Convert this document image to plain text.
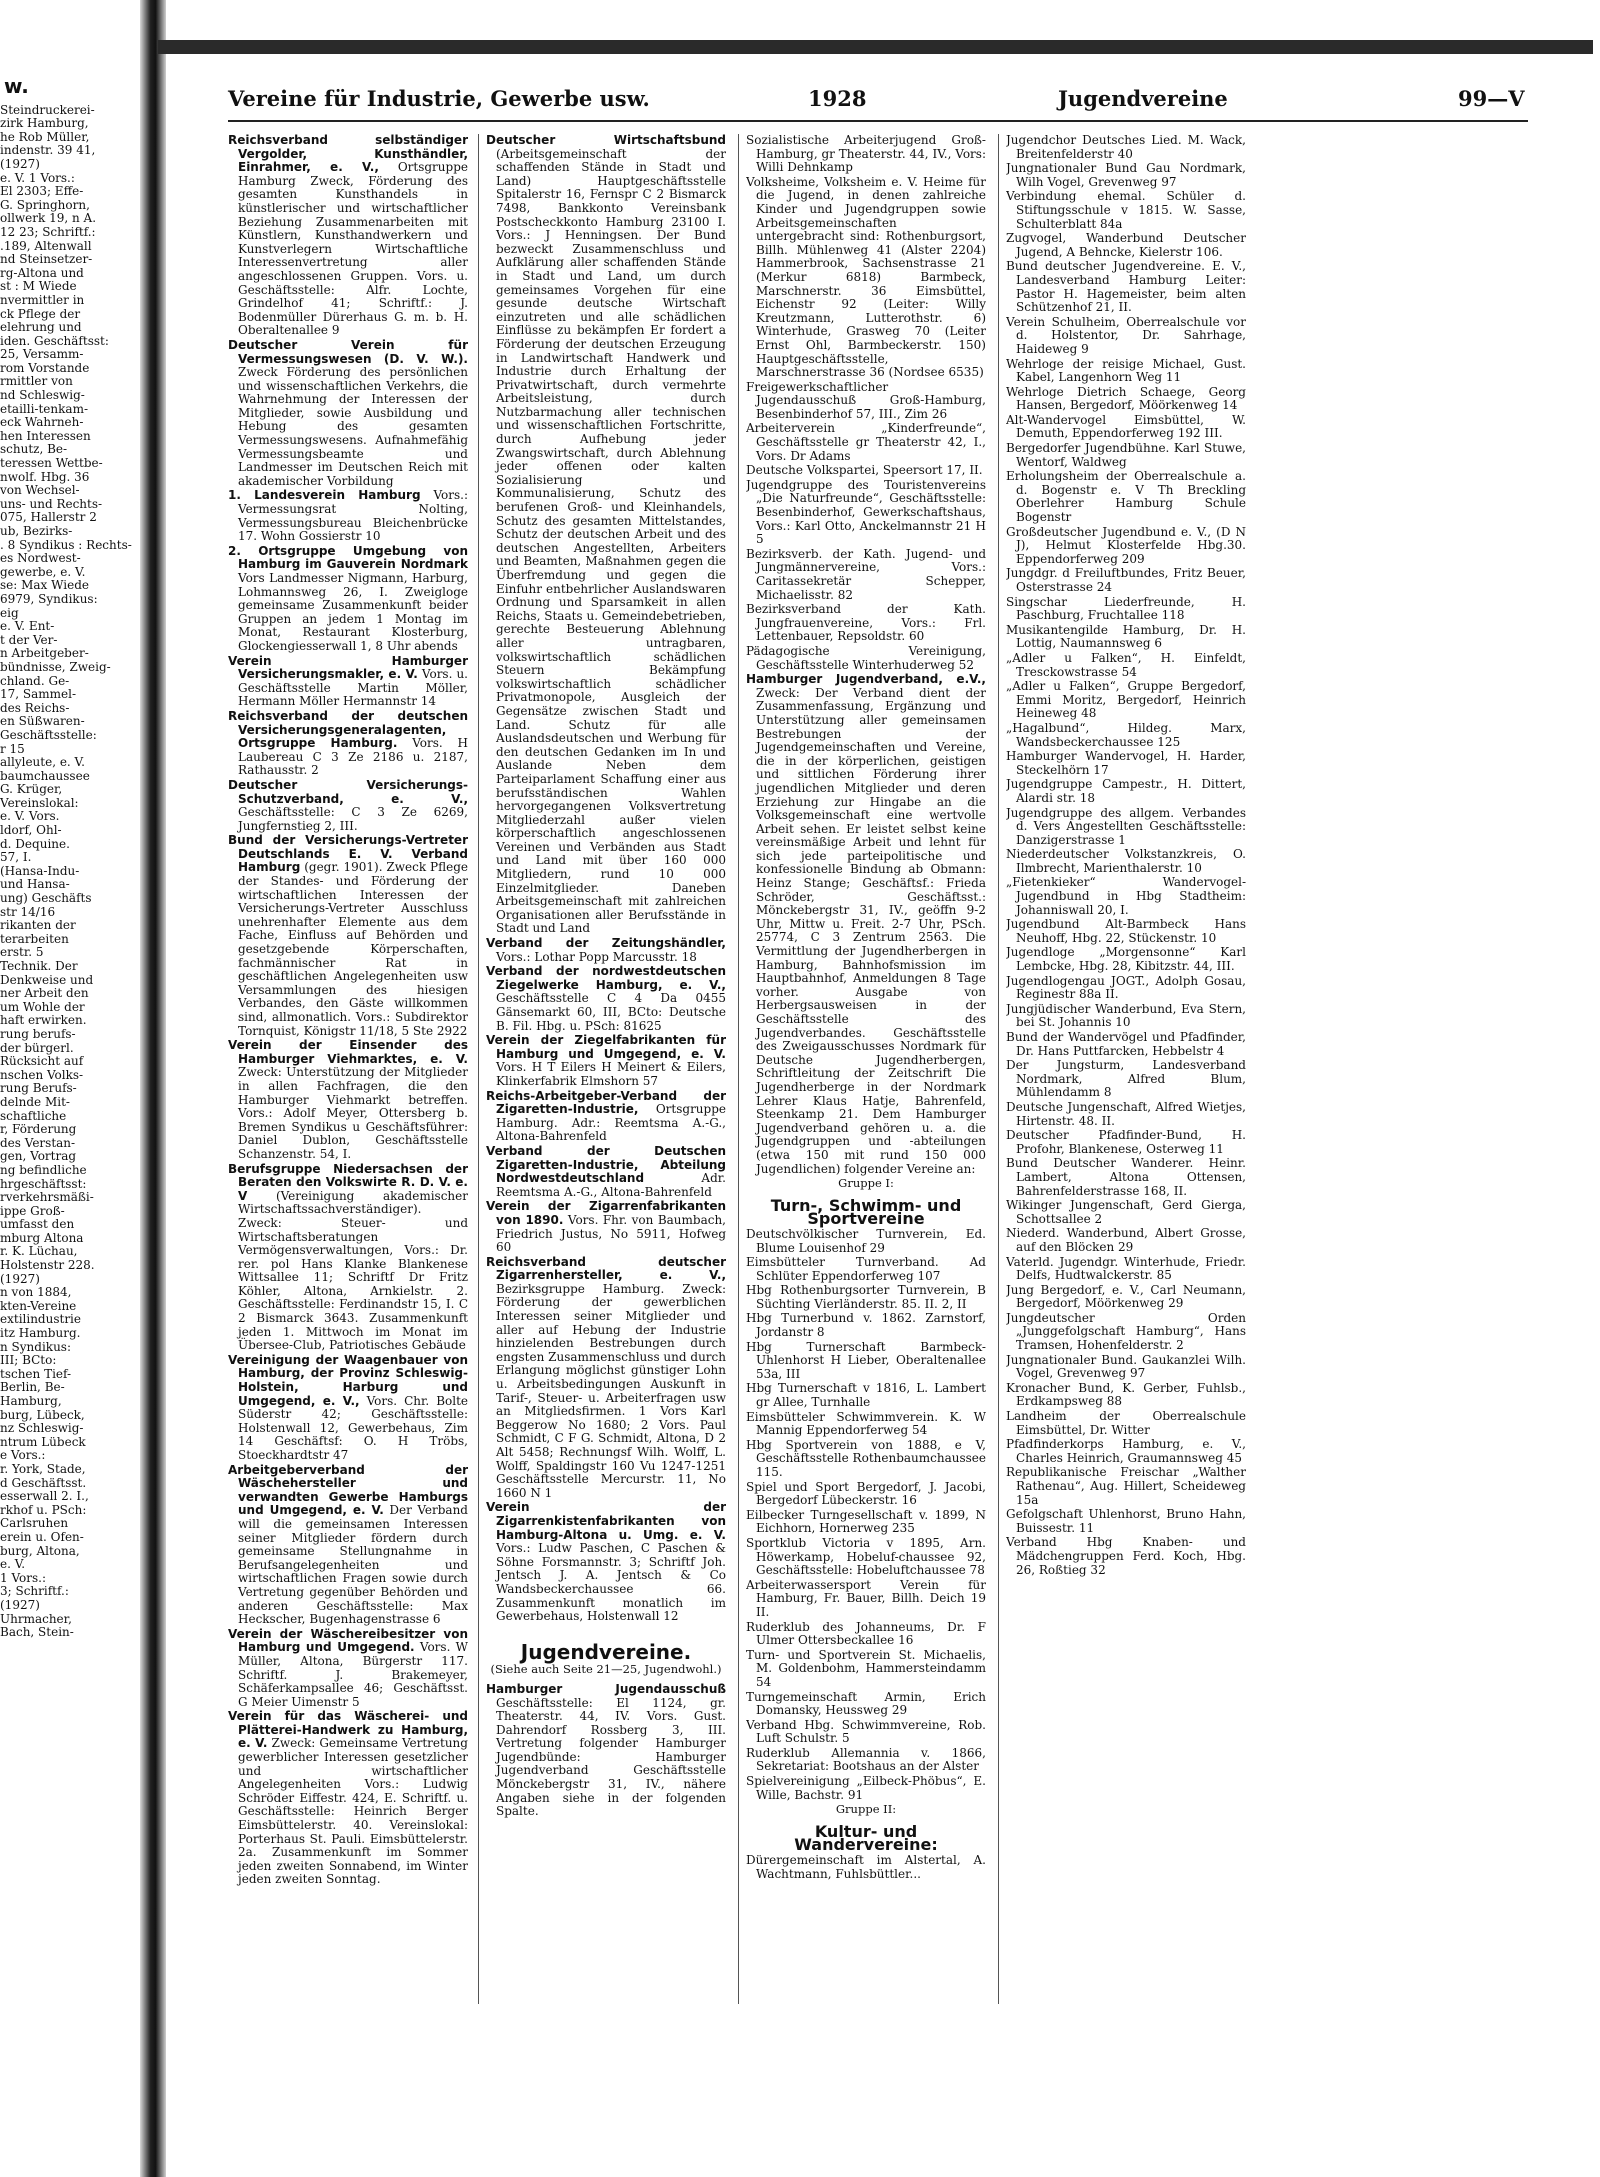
w.
Steindruckerei-
zirk Hamburg,
he Rob Müller,
indenstr. 39 41,
(1927)
e. V. 1 Vors.:
El 2303; Effe-
G. Springhorn,
ollwerk 19, n A.
12 23; Schriftf.:
.189, Altenwall
nd Steinsetzer-
rg-Altona und
st : M Wiede
nvermittler in
ck Pflege der
elehrung und
iden. Geschäftsst:
25, Versamm-
rom Vorstande
rmittler von
nd Schleswig-
etailli-tenkam-
eck Wahrneh-
hen Interessen
schutz, Be-
teressen Wettbe-
nwolf. Hbg. 36
von Wechsel-
uns- und Rechts-
075, Hallerstr 2
ub, Bezirks-
. 8 Syndikus : Rechts-
es Nordwest-
gewerbe, e. V.
se: Max Wiede
6979, Syndikus:
eig
e. V. Ent-
t der Ver-
n Arbeitgeber-
bündnisse, Zweig-
chland. Ge-
17, Sammel-
des Reichs-
en Süßwaren-
Geschäftsstelle:
r 15
allyleute, e. V.
baumchaussee
G. Krüger,
Vereinslokal:
e. V. Vors.
ldorf, Ohl-
d. Dequine.
57, I.
(Hansa-Indu-
und Hansa-
ung) Geschäfts
str 14/16
rikanten der
terarbeiten
erstr. 5
Technik. Der
Denkweise und
ner Arbeit den
um Wohle der
haft erwirken.
rung berufs-
der bürgerl.
Rücksicht auf
nschen Volks-
rung Berufs-
delnde Mit-
schaftliche
r, Förderung
des Verstan-
gen, Vortrag
ng befindliche
hrgeschäftsst:
rverkehrsmäßi-
ippe Groß-
umfasst den
mburg Altona
r. K. Lüchau,
Holstenstr 228.
(1927)
n von 1884,
kten-Vereine
extilindustrie
itz Hamburg.
n Syndikus:
III; BCto:
tschen Tief-
Berlin, Be-
Hamburg,
burg, Lübeck,
nz Schleswig-
ntrum Lübeck
e Vors.:
r. York, Stade,
d Geschäftsst.
esserwall 2. I.,
rkhof u. PSch:
Carlsruhen
erein u. Ofen-
burg, Altona,
e. V.
1 Vors.:
3; Schriftf.:
(1927)
Uhrmacher,
Bach, Stein-
Vereine für Industrie, Gewerbe usw.	1928	Jugendvereine	99—V
Reichsverband selbständiger Vergolder, Kunsthändler, Einrahmer, e. V., Ortsgruppe Hamburg Zweck, Förderung des gesamten Kunsthandels in künstlerischer und wirtschaftlicher Beziehung Zusammenarbeiten mit Künstlern, Kunsthandwerkern und Kunstverlegern Wirtschaftliche Interessenvertretung aller angeschlossenen Gruppen. Vors. u. Geschäftsstelle: Alfr. Lochte, Grindelhof 41; Schriftf.: J. Bodenmüller Dürerhaus G. m. b. H. Oberaltenallee 9
Deutscher Verein für Vermessungswesen (D. V. W.). Zweck Förderung des persönlichen und wissenschaftlichen Verkehrs, die Wahrnehmung der Interessen der Mitglieder, sowie Ausbildung und Hebung des gesamten Vermessungswesens. Aufnahmefähig Vermessungsbeamte und Landmesser im Deutschen Reich mit akademischer Vorbildung
1. Landesverein Hamburg Vors.: Vermessungsrat Nolting, Vermessungsbureau Bleichenbrücke 17. Wohn Gossierstr 10
2. Ortsgruppe Umgebung von Hamburg im Gauverein Nordmark Vors Landmesser Nigmann, Harburg, Lohmannsweg 26, I. Zweigloge gemeinsame Zusammenkunft beider Gruppen an jedem 1 Montag im Monat, Restaurant Klosterburg, Glockengiesserwall 1, 8 Uhr abends
Verein Hamburger Versicherungsmakler, e. V. Vors. u. Geschäftsstelle Martin Möller, Hermann Möller Hermannstr 14
Reichsverband der deutschen Versicherungsgeneralagenten, Ortsgruppe Hamburg. Vors. H Laubereau C 3 Ze 2186 u. 2187, Rathausstr. 2
Deutscher Versicherungs-Schutzverband, e. V., Geschäftsstelle: C 3 Ze 6269, Jungfernstieg 2, III.
Bund der Versicherungs-Vertreter Deutschlands E. V. Verband Hamburg (gegr. 1901). Zweck Pflege der Standes- und Förderung der wirtschaftlichen Interessen der Versicherungs-Vertreter Ausschluss unehrenhafter Elemente aus dem Fache, Einfluss auf Behörden und gesetzgebende Körperschaften, fachmännischer Rat in geschäftlichen Angelegenheiten usw Versammlungen des hiesigen Verbandes, den Gäste willkommen sind, allmonatlich. Vors.: Subdirektor Tornquist, Königstr 11/18, 5 Ste 2922
Verein der Einsender des Hamburger Viehmarktes, e. V. Zweck: Unterstützung der Mitglieder in allen Fachfragen, die den Hamburger Viehmarkt betreffen. Vors.: Adolf Meyer, Ottersberg b. Bremen Syndikus u Geschäftsführer: Daniel Dublon, Geschäftsstelle Schanzenstr. 54, I.
Berufsgruppe Niedersachsen der Beraten den Volkswirte R. D. V. e. V (Vereinigung akademischer Wirtschaftssachverständiger). Zweck: Steuer- und Wirtschaftsberatungen Vermögensverwaltungen, Vors.: Dr. rer. pol Hans Klanke Blankenese Wittsallee 11; Schriftf Dr Fritz Köhler, Altona, Arnkielstr. 2. Geschäftsstelle: Ferdinandstr 15, I. C 2 Bismarck 3643. Zusammenkunft jeden 1. Mittwoch im Monat im Übersee-Club, Patriotisches Gebäude
Vereinigung der Waagenbauer von Hamburg, der Provinz Schleswig-Holstein, Harburg und Umgegend, e. V., Vors. Chr. Bolte Süderstr 42; Geschäftsstelle: Holstenwall 12, Gewerbehaus, Zim 14 Geschäftsf: O. H Tröbs, Stoeckhardtstr 47
Arbeitgeberverband der Wäschehersteller und verwandten Gewerbe Hamburgs und Umgegend, e. V. Der Verband will die gemeinsamen Interessen seiner Mitglieder fördern durch gemeinsame Stellungnahme in Berufsangelegenheiten und wirtschaftlichen Fragen sowie durch Vertretung gegenüber Behörden und anderen Geschäftsstelle: Max Heckscher, Bugenhagenstrasse 6
Verein der Wäschereibesitzer von Hamburg und Umgegend. Vors. W Müller, Altona, Bürgerstr 117. Schriftf. J. Brakemeyer, Schäferkampsallee 46; Geschäftsst. G Meier Uimenstr 5
Verein für das Wäscherei- und Plätterei-Handwerk zu Hamburg, e. V. Zweck: Gemeinsame Vertretung gewerblicher Interessen gesetzlicher und wirtschaftlicher Angelegenheiten Vors.: Ludwig Schröder Eiffestr. 424, E. Schriftf. u. Geschäftsstelle: Heinrich Berger Eimsbüttelerstr. 40. Vereinslokal: Porterhaus St. Pauli. Eimsbüttelerstr. 2a. Zusammenkunft im Sommer jeden zweiten Sonnabend, im Winter jeden zweiten Sonntag.
Deutscher Wirtschaftsbund (Arbeitsgemeinschaft der schaffenden Stände in Stadt und Land) Hauptgeschäftsstelle Spitalerstr 16, Fernspr C 2 Bismarck 7498, Bankkonto Vereinsbank Postscheckkonto Hamburg 23100 I. Vors.: J Henningsen. Der Bund bezweckt Zusammenschluss und Aufklärung aller schaffenden Stände in Stadt und Land, um durch gemeinsames Vorgehen für eine gesunde deutsche Wirtschaft einzutreten und alle schädlichen Einflüsse zu bekämpfen Er fordert a Förderung der deutschen Erzeugung in Landwirtschaft Handwerk und Industrie durch Erhaltung der Privatwirtschaft, durch vermehrte Arbeitsleistung, durch Nutzbarmachung aller technischen und wissenschaftlichen Fortschritte, durch Aufhebung jeder Zwangswirtschaft, durch Ablehnung jeder offenen oder kalten Sozialisierung und Kommunalisierung, Schutz des berufenen Groß- und Kleinhandels, Schutz des gesamten Mittelstandes, Schutz der deutschen Arbeit und des deutschen Angestellten, Arbeiters und Beamten, Maßnahmen gegen die Überfremdung und gegen die Einfuhr entbehrlicher Auslandswaren Ordnung und Sparsamkeit in allen Reichs, Staats u. Gemeindebetrieben, gerechte Besteuerung Ablehnung aller untragbaren, volkswirtschaftlich schädlichen Steuern Bekämpfung volkswirtschaftlich schädlicher Privatmonopole, Ausgleich der Gegensätze zwischen Stadt und Land. Schutz für alle Auslandsdeutschen und Werbung für den deutschen Gedanken im In und Auslande Neben dem Parteiparlament Schaffung einer aus berufsständischen Wahlen hervorgegangenen Volksvertretung Mitgliederzahl außer vielen körperschaftlich angeschlossenen Vereinen und Verbänden aus Stadt und Land mit über 160 000 Mitgliedern, rund 10 000 Einzelmitglieder. Daneben Arbeitsgemeinschaft mit zahlreichen Organisationen aller Berufsstände in Stadt und Land
Verband der Zeitungshändler, Vors.: Lothar Popp Marcusstr. 18
Verband der nordwestdeutschen Ziegelwerke Hamburg, e. V., Geschäftsstelle C 4 Da 0455 Gänsemarkt 60, III, BCto: Deutsche B. Fil. Hbg. u. PSch: 81625
Verein der Ziegelfabrikanten für Hamburg und Umgegend, e. V. Vors. H T Eilers H Meinert & Eilers, Klinkerfabrik Elmshorn 57
Reichs-Arbeitgeber-Verband der Zigaretten-Industrie, Ortsgruppe Hamburg. Adr.: Reemtsma A.-G., Altona-Bahrenfeld
Verband der Deutschen Zigaretten-Industrie, Abteilung Nordwestdeutschland	Adr. Reemtsma A.-G., Altona-Bahrenfeld
Verein der Zigarrenfabrikanten von 1890. Vors. Fhr. von Baumbach, Friedrich Justus, No 5911, Hofweg 60
Reichsverband deutscher Zigarrenhersteller, e. V., Bezirksgruppe Hamburg. Zweck: Förderung der gewerblichen Interessen seiner Mitglieder und aller auf Hebung der Industrie hinzielenden Bestrebungen durch engsten Zusammenschluss und durch Erlangung möglichst günstiger Lohn u. Arbeitsbedingungen Auskunft in Tarif-, Steuer- u. Arbeiterfragen usw an Mitgliedsfirmen. 1 Vors Karl Beggerow No 1680; 2 Vors. Paul Schmidt, C F G. Schmidt, Altona, D 2 Alt 5458; Rechnungsf Wilh. Wolff, L. Wolff, Spaldingstr 160 Vu 1247-1251 Geschäftsstelle Mercurstr. 11, No 1660 N 1
Verein der Zigarrenkistenfabrikanten von Hamburg-Altona u. Umg. e. V. Vors.: Ludw Paschen, C Paschen & Söhne Forsmannstr. 3; Schriftf Joh. Jentsch J. A. Jentsch & Co Wandsbeckerchaussee 66. Zusammenkunft monatlich im Gewerbehaus, Holstenwall 12
Jugendvereine.
(Siehe auch Seite 21—25, Jugendwohl.)
Hamburger Jugendausschuß Geschäftsstelle: El 1124, gr. Theaterstr. 44, IV. Vors. Gust. Dahrendorf Rossberg 3, III. Vertretung folgender Hamburger Jugendbünde: Hamburger Jugendverband Geschäftsstelle Mönckebergstr 31, IV., nähere Angaben siehe in der folgenden Spalte.
Sozialistische Arbeiterjugend Groß-Hamburg, gr Theaterstr. 44, IV., Vors: Willi Dehnkamp
Volksheime, Volksheim e. V. Heime für die Jugend, in denen zahlreiche Kinder und Jugendgruppen sowie Arbeitsgemeinschaften untergebracht sind: Rothenburgsort, Billh. Mühlenweg 41 (Alster 2204) Hammerbrook, Sachsenstrasse 21 (Merkur 6818) Barmbeck, Marschnerstr. 36 Eimsbüttel, Eichenstr 92 (Leiter: Willy Kreutzmann, Lutterothstr. 6) Winterhude, Grasweg 70 (Leiter Ernst Ohl, Barmbeckerstr. 150) Hauptgeschäftsstelle, Marschnerstrasse 36 (Nordsee 6535)
Freigewerkschaftlicher Jugendausschuß Groß-Hamburg, Besenbinderhof 57, III., Zim 26
Arbeiterverein „Kinderfreunde“, Geschäftsstelle gr Theaterstr 42, I., Vors. Dr Adams
Deutsche Volkspartei, Speersort 17, II.
Jugendgruppe des Touristenvereins „Die Naturfreunde“, Geschäftsstelle: Besenbinderhof, Gewerkschaftshaus, Vors.: Karl Otto, Anckelmannstr 21 H 5
Bezirksverb. der Kath. Jugend- und Jungmännervereine, Vors.: Caritassekretär Schepper, Michaelisstr. 82
Bezirksverband der Kath. Jungfrauenvereine, Vors.: Frl. Lettenbauer, Repsoldstr. 60
Pädagogische Vereinigung, Geschäftsstelle Winterhuderweg 52
Hamburger Jugendverband, e.V., Zweck: Der Verband dient der Zusammenfassung, Ergänzung und Unterstützung aller gemeinsamen Bestrebungen der Jugendgemeinschaften und Vereine, die in der körperlichen, geistigen und sittlichen Förderung ihrer jugendlichen Mitglieder und deren Erziehung zur Hingabe an die Volksgemeinschaft eine wertvolle Arbeit sehen. Er leistet selbst keine vereinsmäßige Arbeit und lehnt für sich jede parteipolitische und konfessionelle Bindung ab Obmann: Heinz Stange; Geschäftsf.: Frieda Schröder, Geschäftsst.: Mönckebergstr 31, IV., geöffn 9-2 Uhr, Mittw u. Freit. 2-7 Uhr, PSch. 25774, C 3 Zentrum 2563. Die Vermittlung der Jugendherbergen in Hamburg, Bahnhofsmission im Hauptbahnhof, Anmeldungen 8 Tage vorher. Ausgabe von Herbergsausweisen in der Geschäftsstelle des Jugendverbandes. Geschäftsstelle des Zweigausschusses Nordmark für Deutsche Jugendherbergen, Schriftleitung der Zeitschrift Die Jugendherberge in der Nordmark Lehrer Klaus Hatje, Bahrenfeld, Steenkamp 21. Dem Hamburger Jugendverband gehören u. a. die Jugendgruppen und -abteilungen (etwa 150 mit rund 150 000 Jugendlichen) folgender Vereine an:
Gruppe I:
Turn-, Schwimm- und Sportvereine
Deutschvölkischer Turnverein, Ed. Blume Louisenhof 29
Eimsbütteler Turnverband. Ad Schlüter Eppendorferweg 107
Hbg Rothenburgsorter Turnverein, B Süchting Vierländerstr. 85. II. 2, II
Hbg Turnerbund v. 1862. Zarnstorf, Jordanstr 8
Hbg Turnerschaft Barmbeck-Uhlenhorst H Lieber, Oberaltenallee 53a, III
Hbg Turnerschaft v 1816, L. Lambert gr Allee, Turnhalle
Eimsbütteler Schwimmverein. K. W Mannig Eppendorferweg 54
Hbg Sportverein von 1888, e V, Geschäftsstelle Rothenbaumchaussee 115.
Spiel und Sport Bergedorf, J. Jacobi, Bergedorf Lübeckerstr. 16
Eilbecker Turngesellschaft v. 1899, N Eichhorn, Hornerweg 235
Sportklub Victoria v 1895, Arn. Höwerkamp, Hobeluf-chaussee 92, Geschäftsstelle: Hobeluftchaussee 78
Arbeiterwassersport Verein für Hamburg, Fr. Bauer, Billh. Deich 19 II.
Ruderklub des Johanneums, Dr. F Ulmer Ottersbeckallee 16
Turn- und Sportverein St. Michaelis, M. Goldenbohm, Hammersteindamm 54
Turngemeinschaft Armin, Erich Domansky, Heussweg 29
Verband Hbg. Schwimmvereine, Rob. Luft Schulstr. 5
Ruderklub Allemannia v. 1866, Sekretariat: Bootshaus an der Alster
Spielvereinigung „Eilbeck-Phöbus“, E. Wille, Bachstr. 91
Gruppe II:
Kultur- und Wandervereine:
Dürergemeinschaft im Alstertal, A. Wachtmann, Fuhlsbüttler...
Jugendchor Deutsches Lied. M. Wack, Breitenfelderstr 40
Jungnationaler Bund Gau Nordmark, Wilh Vogel, Grevenweg 97
Verbindung ehemal. Schüler d. Stiftungsschule v 1815. W. Sasse, Schulterblatt 84a
Zugvogel, Wanderbund Deutscher Jugend, A Behncke, Kielerstr 106.
Bund deutscher Jugendvereine. E. V., Landesverband Hamburg Leiter: Pastor H. Hagemeister, beim alten Schützenhof 21, II.
Verein Schulheim, Oberrealschule vor d. Holstentor, Dr. Sahrhage, Haideweg 9
Wehrloge der reisige Michael, Gust. Kabel, Langenhorn Weg 11
Wehrloge Dietrich Schaege, Georg Hansen, Bergedorf, Möörkenweg 14
Alt-Wandervogel Eimsbüttel, W. Demuth, Eppendorferweg 192 III.
Bergedorfer Jugendbühne. Karl Stuwe, Wentorf, Waldweg
Erholungsheim der Oberrealschule a. d. Bogenstr e. V Th Breckling Oberlehrer Hamburg Schule Bogenstr
Großdeutscher Jugendbund e. V., (D N J), Helmut Klosterfelde Hbg.30. Eppendorferweg 209
Jungdgr. d Freiluftbundes, Fritz Beuer, Osterstrasse 24
Singschar Liederfreunde, H. Paschburg, Fruchtallee 118
Musikantengilde Hamburg, Dr. H. Lottig, Naumannsweg 6
„Adler u Falken“, H. Einfeldt, Tresckowstrasse 54
„Adler u Falken“, Gruppe Bergedorf, Emmi Moritz, Bergedorf, Heinrich Heineweg 48
„Hagalbund“, Hildeg. Marx, Wandsbeckerchaussee 125
Hamburger Wandervogel, H. Harder, Steckelhörn 17
Jugendgruppe Campestr., H. Dittert, Alardi str. 18
Jugendgruppe des allgem. Verbandes d. Vers Angestellten Geschäftsstelle: Danzigerstrasse 1
Niederdeutscher Volkstanzkreis, O. Ilmbrecht, Marienthalerstr. 10
„Fietenkieker“ Wandervogel-Jugendbund in Hbg Stadtheim: Johanniswall 20, I.
Jugendbund Alt-Barmbeck Hans Neuhoff, Hbg. 22, Stückenstr. 10
Jugendloge „Morgensonne“ Karl Lembcke, Hbg. 28, Kibitzstr. 44, III.
Jugendlogengau JOGT., Adolph Gosau, Reginestr 88a II.
Jungjüdischer Wanderbund, Eva Stern, bei St. Johannis 10
Bund der Wandervögel und Pfadfinder, Dr. Hans Puttfarcken, Hebbelstr 4
Der Jungsturm, Landesverband Nordmark, Alfred Blum, Mühlendamm 8
Deutsche Jungenschaft, Alfred Wietjes, Hirtenstr. 48. II.
Deutscher Pfadfinder-Bund, H. Profohr, Blankenese, Osterweg 11
Bund Deutscher Wanderer. Heinr. Lambert, Altona Ottensen, Bahrenfelderstrasse 168, II.
Wikinger Jungenschaft, Gerd Gierga, Schottsallee 2
Niederd. Wanderbund, Albert Grosse, auf den Blöcken 29
Vaterld. Jugendgr. Winterhude, Friedr. Delfs, Hudtwalckerstr. 85
Jung Bergedorf, e. V., Carl Neumann, Bergedorf, Möörkenweg 29
Jungdeutscher Orden „Junggefolgschaft Hamburg“, Hans Tramsen, Hohenfelderstr. 2
Jungnationaler Bund. Gaukanzlei Wilh. Vogel, Grevenweg 97
Kronacher Bund, K. Gerber, Fuhlsb., Erdkampsweg 88
Landheim der Oberrealschule Eimsbüttel, Dr. Witter
Pfadfinderkorps Hamburg, e. V., Charles Heinrich, Graumannsweg 45
Republikanische Freischar „Walther Rathenau“, Aug. Hillert, Scheideweg 15a
Gefolgschaft Uhlenhorst, Bruno Hahn, Buissestr. 11
Verband Hbg Knaben- und Mädchengruppen Ferd. Koch, Hbg. 26, Roßtieg 32
